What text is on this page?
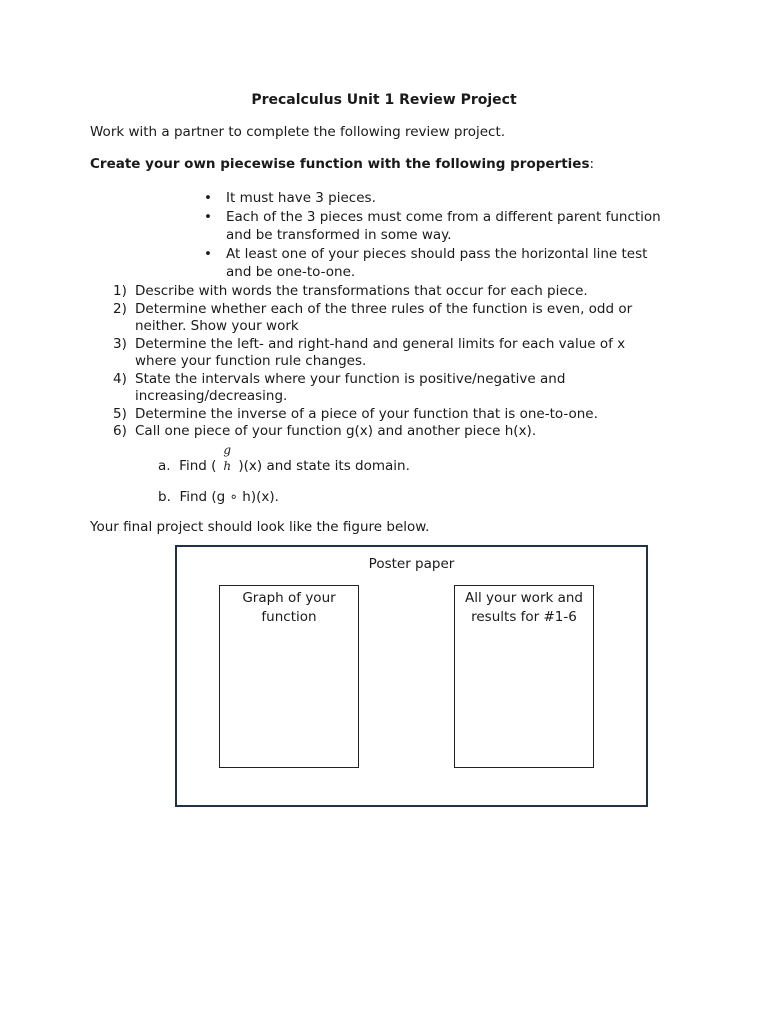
Precalculus Unit 1 Review Project
Work with a partner to complete the following review project.
Create your own piecewise function with the following properties:
• It must have 3 pieces.
• Each of the 3 pieces must come from a different parent function
and be transformed in some way.
• At least one of your pieces should pass the horizontal line test
and be one-to-one.
1) Describe with words the transformations that occur for each piece.
2) Determine whether each of the three rules of the function is even, odd or
neither. Show your work
3) Determine the left- and right-hand and general limits for each value of x
where your function rule changes.
4) State the intervals where your function is positive/negative and
increasing/decreasing.
5) Determine the inverse of a piece of your function that is one-to-one.
6) Call one piece of your function g(x) and another piece h(x).
a. Find (
g
h )(x) and state its domain.
b. Find (g ∘ h)(x).
Your final project should look like the figure below.
Poster paper
Graph of your
function
All your work and
results for #1-6
